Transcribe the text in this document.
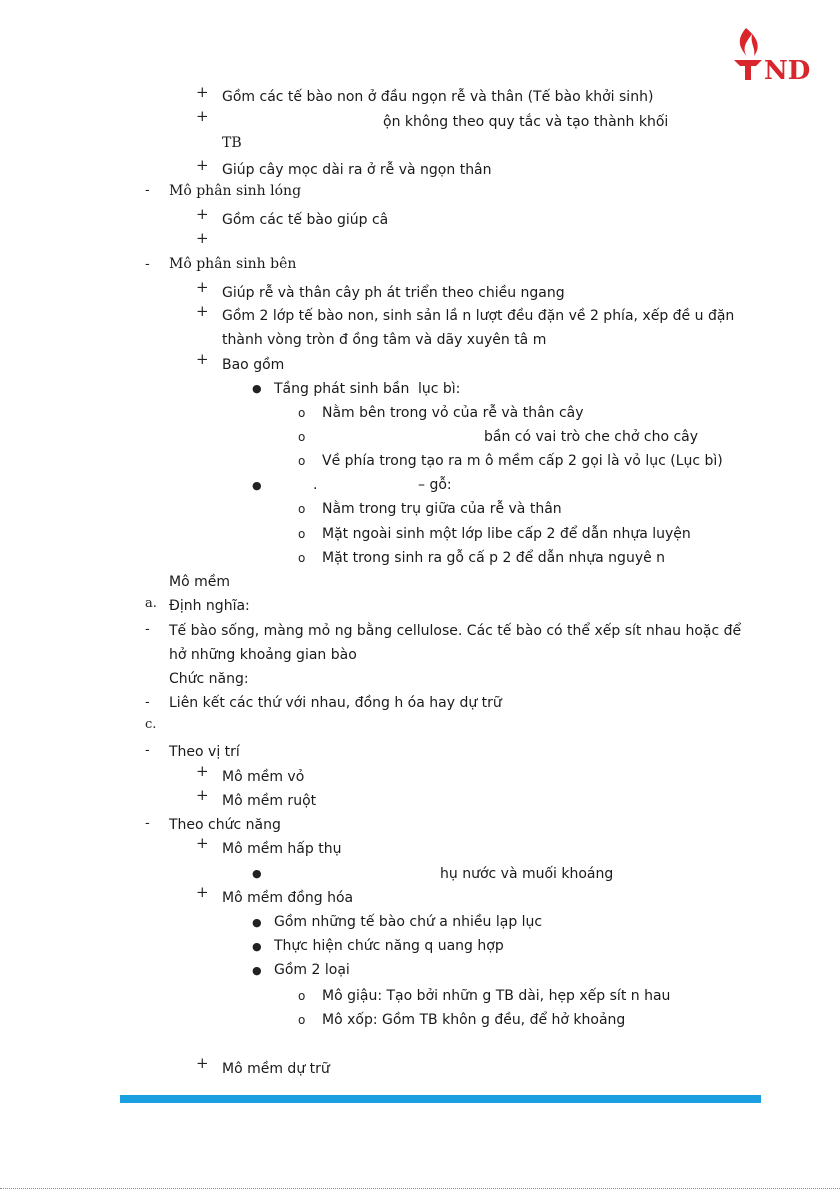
ND
+ Gồm các tế bào non ở đầu ngọn rễ và thân (Tế bào khởi sinh)
+	ộn không theo quy tắc và tạo thành khối
TB
+ Giúp cây mọc dài ra ở rễ và ngọn thân
- Mô phân sinh lóng
+ Gồm các tế bào giúp câ
+
- Mô phân sinh bên
+ Giúp rễ và thân cây ph át triển theo chiều ngang
+ Gồm 2 lớp tế bào non, sinh sản lầ n lượt đều đặn về 2 phía, xếp đề u đặn
thành vòng tròn đ ồng tâm và dãy xuyên tâ m
+ Bao gồm
● Tầng phát sinh bần lục bì:
o Nằm bên trong vỏ của rễ và thân cây
o	bần có vai trò che chở cho cây
o Về phía trong tạo ra m ô mềm cấp 2 gọi là vỏ lục (Lục bì)
●	.	– gỗ:
o Nằm trong trụ giữa của rễ và thân
o Mặt ngoài sinh một lớp libe cấp 2 để dẫn nhựa luyện
o Mặt trong sinh ra gỗ cấ p 2 để dẫn nhựa nguyê n
Mô mềm
a. Định nghĩa:
- Tế bào sống, màng mỏ ng bằng cellulose. Các tế bào có thể xếp sít nhau hoặc để
hở những khoảng gian bào
Chức năng:
- Liên kết các thứ với nhau, đồng h óa hay dự trữ
c.
- Theo vị trí
+ Mô mềm vỏ
+ Mô mềm ruột
- Theo chức năng
+ Mô mềm hấp thụ
●	hụ nước và muối khoáng
+ Mô mềm đồng hóa
● Gồm những tế bào chứ a nhiều lạp lục
● Thực hiện chức năng q uang hợp
● Gồm 2 loại
o Mô giậu: Tạo bởi nhữn g TB dài, hẹp xếp sít n hau
o Mô xốp: Gồm TB khôn g đều, để hở khoảng
+ Mô mềm dự trữ
